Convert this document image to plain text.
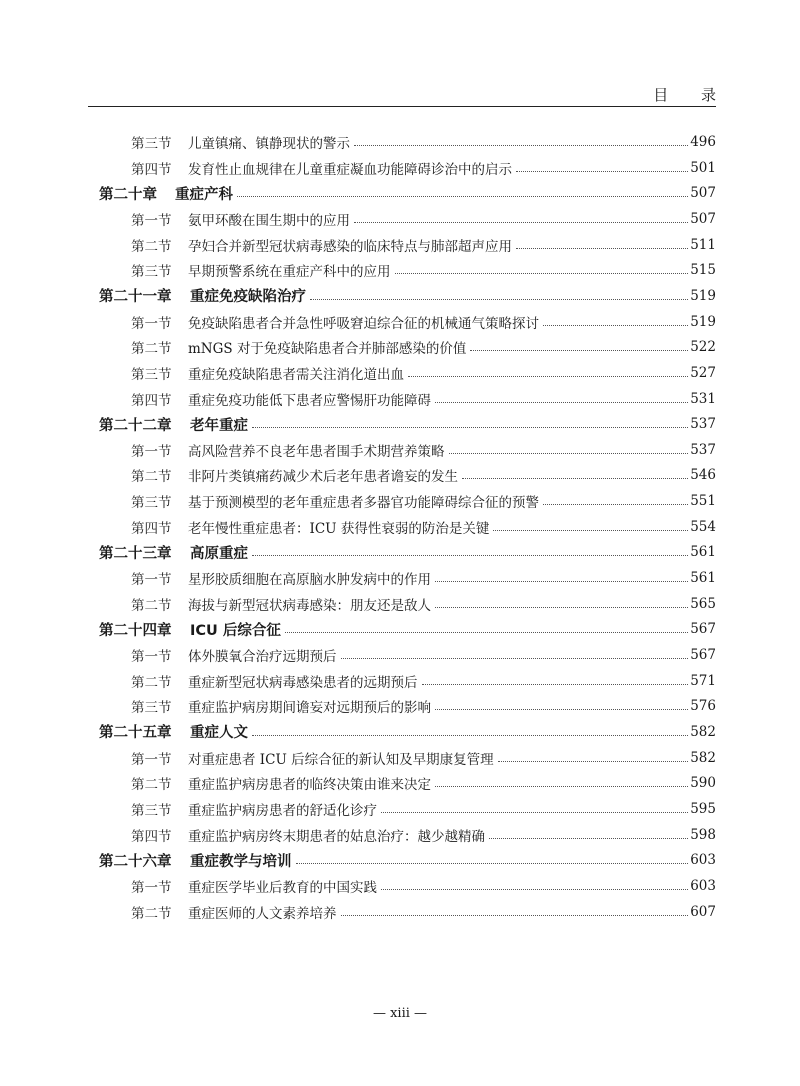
目 录
第三节 儿童镇痛、镇静现状的警示	496
第四节 发育性止血规律在儿童重症凝血功能障碍诊治中的启示	501
第二十章 重症产科	507
第一节 氨甲环酸在围生期中的应用	507
第二节 孕妇合并新型冠状病毒感染的临床特点与肺部超声应用	511
第三节 早期预警系统在重症产科中的应用	515
第二十一章 重症免疫缺陷治疗	519
第一节 免疫缺陷患者合并急性呼吸窘迫综合征的机械通气策略探讨	519
第二节 mNGS 对于免疫缺陷患者合并肺部感染的价值	522
第三节 重症免疫缺陷患者需关注消化道出血	527
第四节 重症免疫功能低下患者应警惕肝功能障碍	531
第二十二章 老年重症	537
第一节 高风险营养不良老年患者围手术期营养策略	537
第二节 非阿片类镇痛药减少术后老年患者谵妄的发生	546
第三节 基于预测模型的老年重症患者多器官功能障碍综合征的预警	551
第四节 老年慢性重症患者：ICU 获得性衰弱的防治是关键	554
第二十三章 高原重症	561
第一节 星形胶质细胞在高原脑水肿发病中的作用	561
第二节 海拔与新型冠状病毒感染：朋友还是敌人	565
第二十四章 ICU 后综合征	567
第一节 体外膜氧合治疗远期预后	567
第二节 重症新型冠状病毒感染患者的远期预后	571
第三节 重症监护病房期间谵妄对远期预后的影响	576
第二十五章 重症人文	582
第一节 对重症患者 ICU 后综合征的新认知及早期康复管理	582
第二节 重症监护病房患者的临终决策由谁来决定	590
第三节 重症监护病房患者的舒适化诊疗	595
第四节 重症监护病房终末期患者的姑息治疗：越少越精确	598
第二十六章 重症教学与培训	603
第一节 重症医学毕业后教育的中国实践	603
第二节 重症医师的人文素养培养	607
— xiii —
